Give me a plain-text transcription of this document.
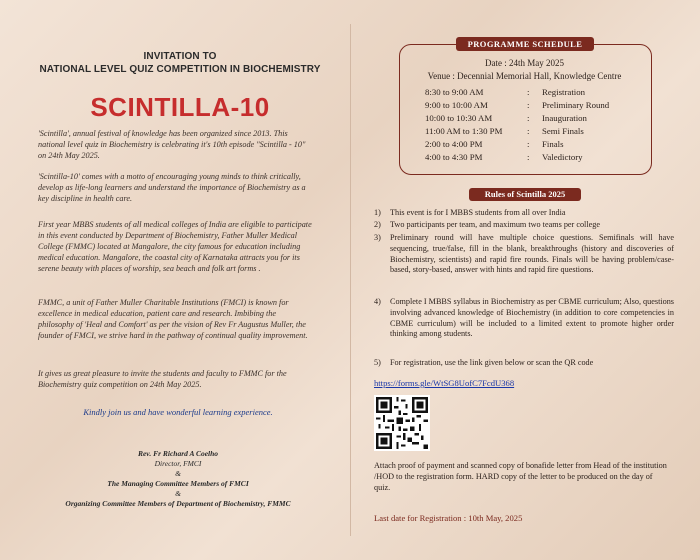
INVITATION TO
NATIONAL LEVEL QUIZ COMPETITION IN BIOCHEMISTRY
SCINTILLA-10

'Scintilla', annual festival of knowledge has been organized since 2013. This national level quiz in Biochemistry is celebrating it's 10th episode "Scintilla - 10" on 24th May 2025.

'Scintilla-10' comes with a motto of encouraging young minds to think critically, develop as life-long learners and understand the importance of Biochemistry as a key discipline in health care.

First year MBBS students of all medical colleges of India are eligible to participate in this event conducted by Department of Biochemistry, Father Muller Medical College (FMMC) located at Mangalore, the city famous for education including medical education. Mangalore, the coastal city of Karnataka attracts you for its serene beauty with places of worship, sea beach and folk art forms .

FMMC, a unit of Father Muller Charitable Institutions (FMCI) is known for excellence in medical education, patient care and research. Imbibing the philosophy of 'Heal and Comfort' as per the vision of Rev Fr Augustus Muller, the founder of FMCI, we strive hard in the pathway of continual quality improvement.

It gives us great pleasure to invite the students and faculty to FMMC for the Biochemistry quiz competition on 24th May 2025.

Kindly join us and have wonderful learning experience.
Rev. Fr Richard A Coelho
Director, FMCI
&
The Managing Committee Members of FMCI
&
Organizing Committee Members of Department of Biochemistry, FMMC
PROGRAMME SCHEDULE
Date : 24th May 2025
Venue : Decennial Memorial Hall, Knowledge Centre
8:30 to 9:00 AM	: Registration
9:00 to 10:00 AM	: Preliminary Round
10:00 to 10:30 AM	: Inauguration
11:00 AM to 1:30 PM	: Semi Finals
2:00 to 4:00 PM	: Finals
4:00 to 4:30 PM	: Valedictory
Rules of Scintilla 2025
1) This event is for I MBBS students from all over India
2) Two participants per team, and maximum two teams per college
3) Preliminary round will have multiple choice questions. Semifinals will have sequencing, true/false, fill in the blank, breakthroughs (history and discoveries of Biochemistry, scientists) and rapid fire rounds. Finals will be having problem/case-based, story-based, answer with hints and rapid fire questions.
4) Complete I MBBS syllabus in Biochemistry as per CBME curriculum; Also, questions involving advanced knowledge of Biochemistry (in addition to core competencies in CBME curriculum) will be included to a limited extent to promote higher order thinking among students.
5) For registration, use the link given below or scan the QR code
https://forms.gle/WtSG8UofC7FcdU368
Attach proof of payment and scanned copy of bonafide letter from Head of the institution /HOD to the registration form. HARD copy of the letter to be produced on the day of quiz.
Last date for Registration : 10th May, 2025
